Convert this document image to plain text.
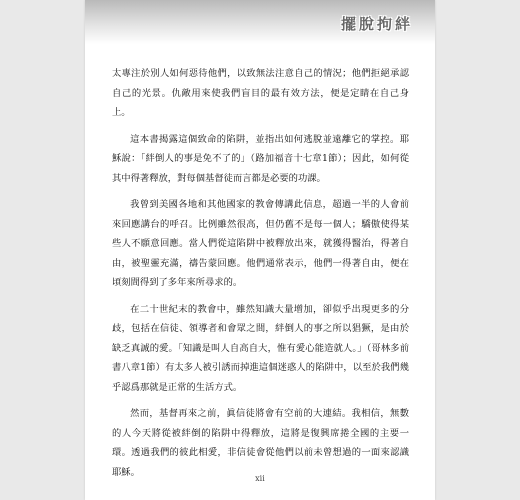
擺脫拘絆

太專注於別人如何惡待他們，以致無法注意自己的情況；他們拒絕承認自己的光景。仇敵用來使我們盲目的最有效方法，便是定睛在自己身上。

這本書揭露這個致命的陷阱，並指出如何逃脫並遠離它的掌控。耶穌說：「絆倒人的事是免不了的」（路加福音十七章1節）；因此，如何從其中得著釋放，對每個基督徒而言都是必要的功課。

我曾到美國各地和其他國家的教會傳講此信息，超過一半的人會前來回應講台的呼召。比例雖然很高，但仍舊不是每一個人；驕傲使得某些人不願意回應。當人們從這陷阱中被釋放出來，就獲得醫治，得著自由，被聖靈充滿，禱告蒙回應。他們通常表示，他們一得著自由，便在頃刻間得到了多年來所尋求的。

在二十世紀末的教會中，雖然知識大量增加，卻似乎出現更多的分歧，包括在信徒、領導者和會眾之間，絆倒人的事之所以猖獗，是由於缺乏真誠的愛。「知識是叫人自高自大，惟有愛心能造就人。」（哥林多前書八章1節）有太多人被引誘而掉進這個迷惑人的陷阱中，以至於我們幾乎認爲那就是正常的生活方式。

然而，基督再來之前，眞信徒將會有空前的大連結。我相信，無數的人今天將從被絆倒的陷阱中得釋放，這將是復興席捲全國的主要一環。透過我們的彼此相愛，非信徒會從他們以前未曾想過的一面來認識耶穌。

xii
